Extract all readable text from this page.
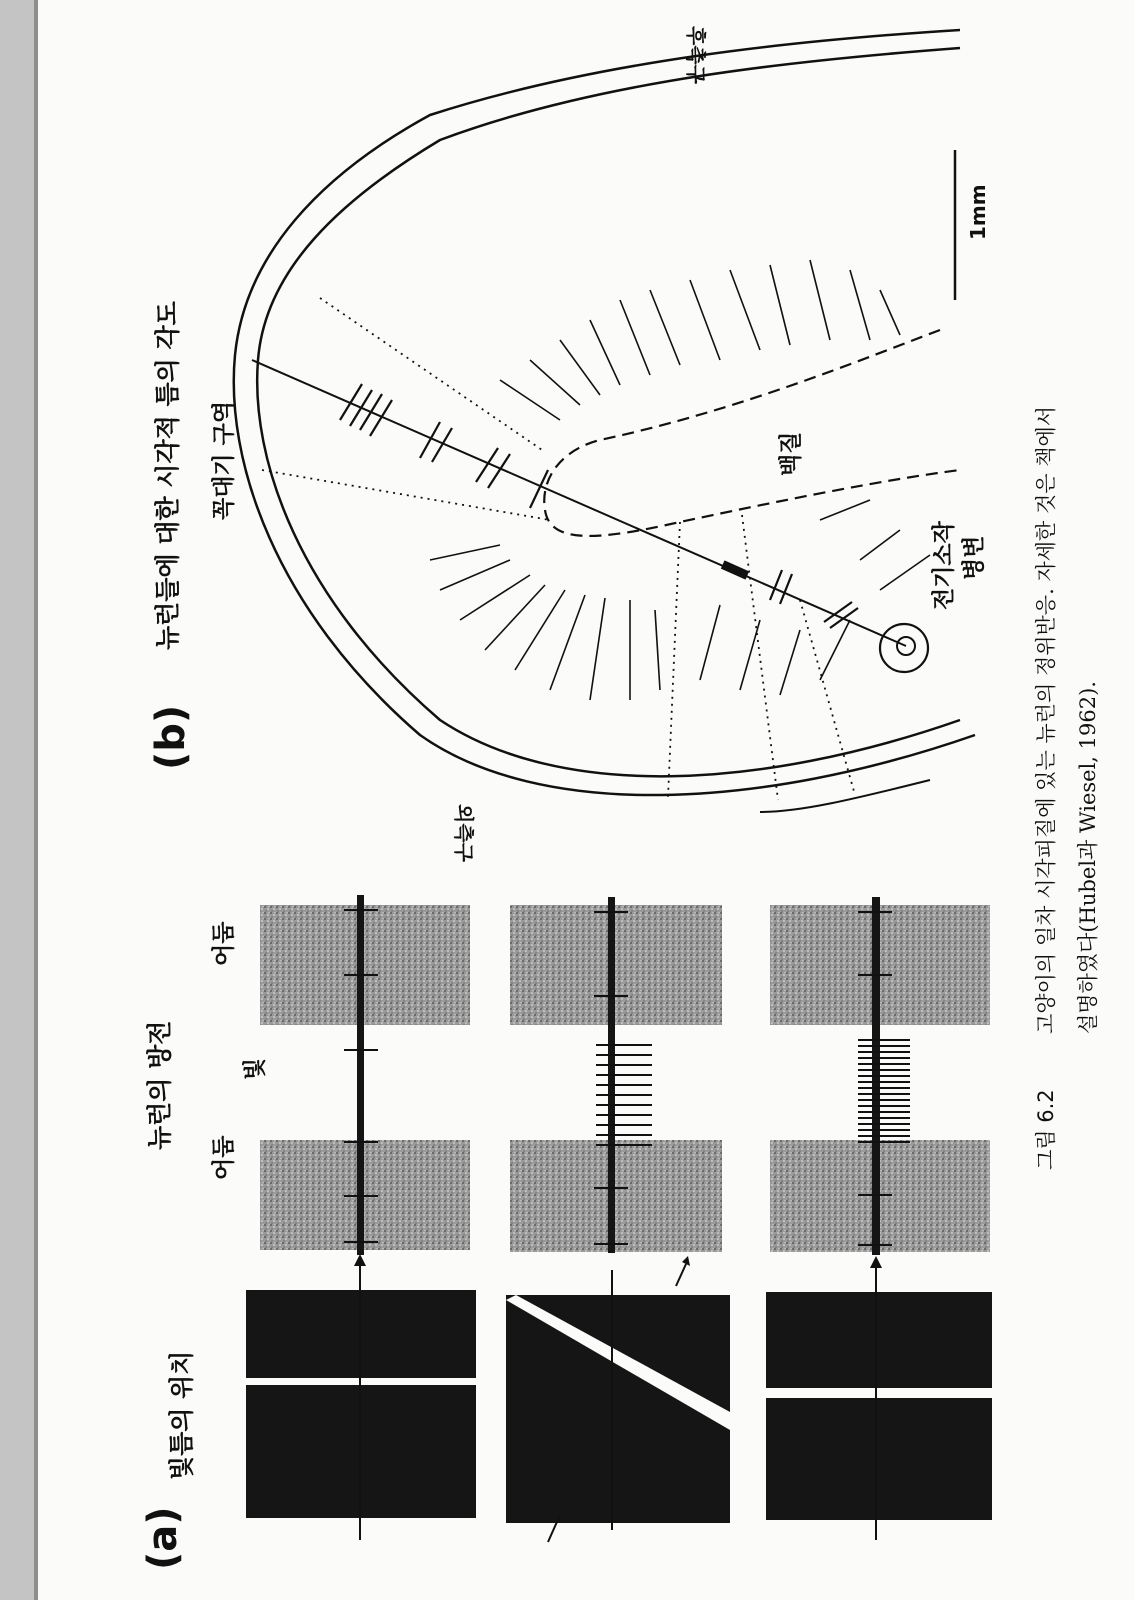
(a)
빛틈의 위치
뉴런의 방전
어둠
빛
어둠
(b)
뉴런들에 대한 시각적 틈의 각도 꼭대기 구역	백질
전기소작 병변
1mm
외측구
후측구
그림 6.2
고양이의 일차 시각피질에 있는 뉴런의 정위반응. 자세한 것은 책에서 설명하였다(Hubel과 Wiesel, 1962).
